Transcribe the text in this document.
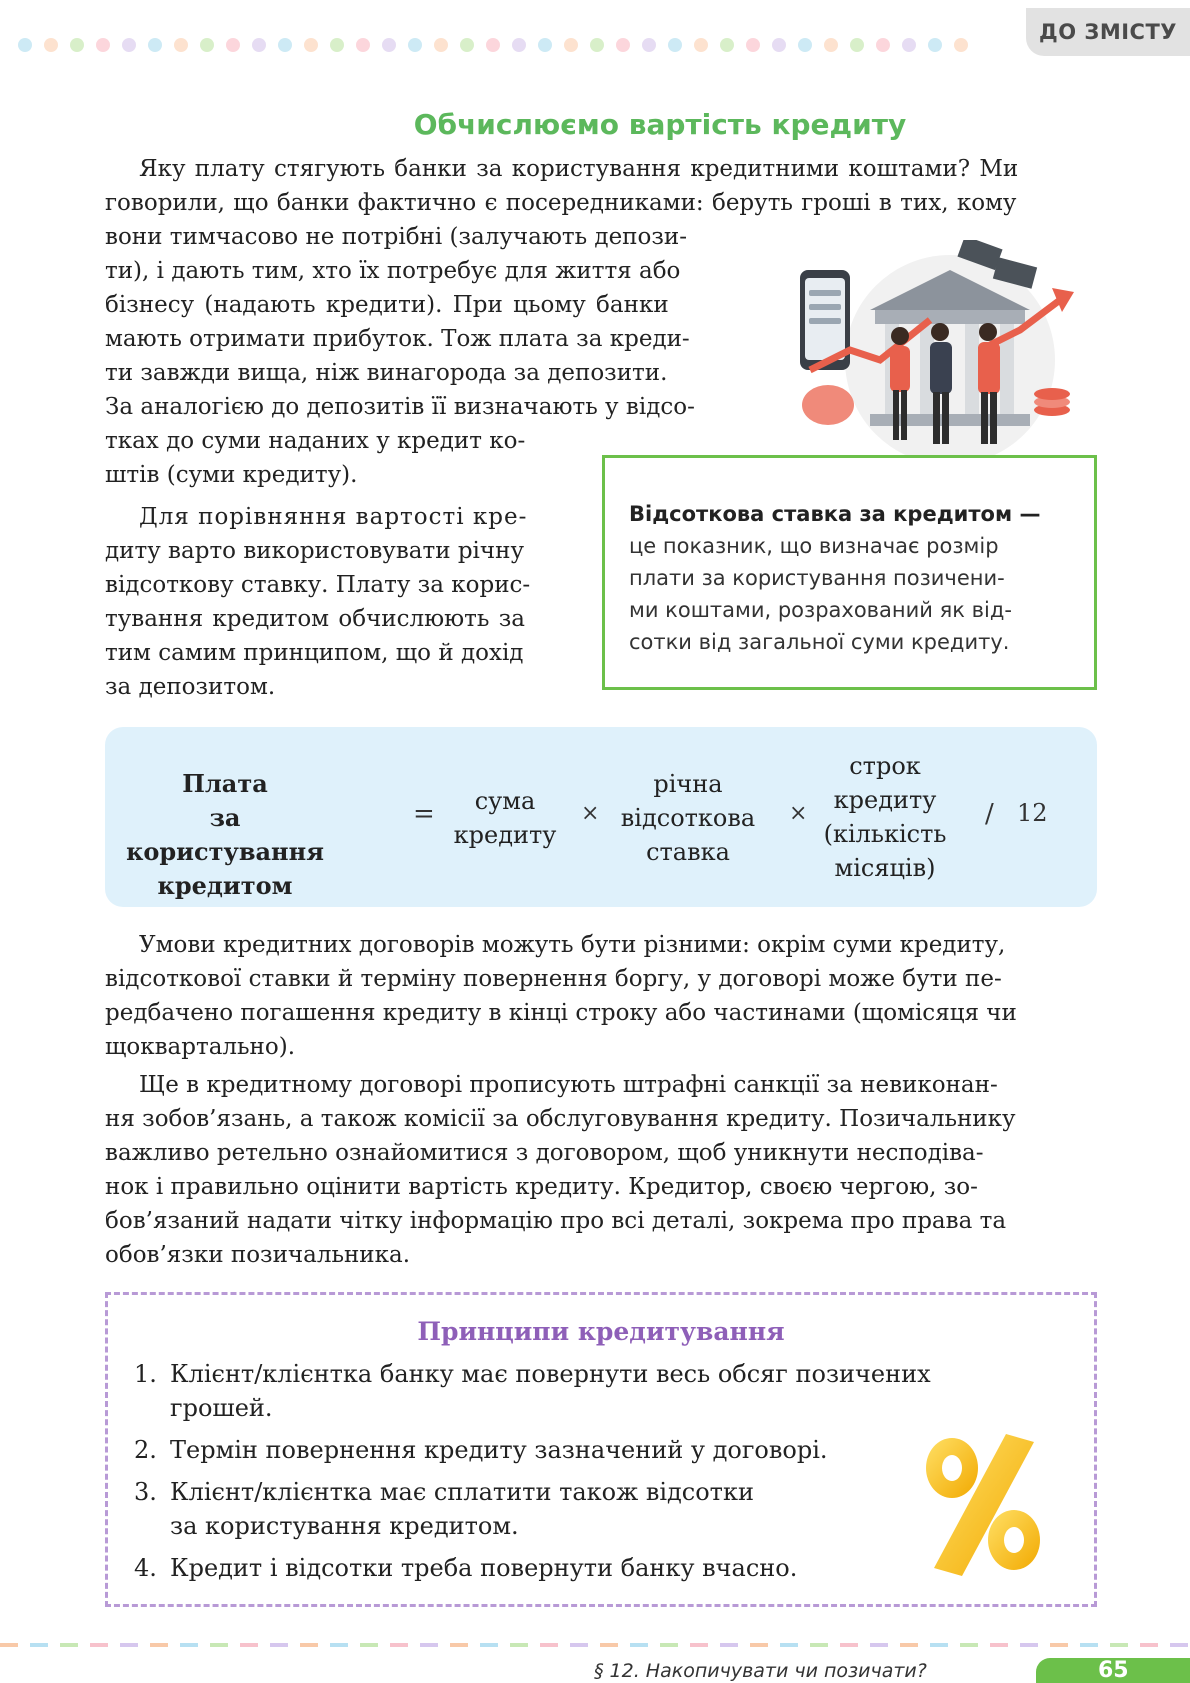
ДО ЗМІСТУ
Обчислюємо вартість кредиту
Яку плату стягують банки за користування кредитними коштами? Ми
говорили, що банки фактично є посередниками: беруть гроші в тих, кому
вони тимчасово не потрібні (залучають депози-
ти), і дають тим, хто їх потребує для життя або
бізнесу (надають кредити). При цьому банки
мають отримати прибуток. Тож плата за креди-
ти завжди вища, ніж винагорода за депозити.
За аналогією до депозитів її визначають у відсо-
тках до суми наданих у кредит ко-
штів (суми кредиту).
Відсоткова ставка за кредитом —
це показник, що визначає розмір
плати за користування позичени-
ми коштами, розрахований як від-
сотки від загальної суми кредиту.
Для порівняння вартості кре-
диту варто використовувати річну
відсоткову ставку. Плату за корис-
тування кредитом обчислюють за
тим самим принципом, що й дохід
за депозитом.
Плата
за користування
кредитом
=	сума
кредиту
×
річна
відсоткова
ставка
×
строк
кредиту
(кількість
місяців)
/ 12
Умови кредитних договорів можуть бути різними: окрім суми кредиту,
відсоткової ставки й терміну повернення боргу, у договорі може бути пе-
редбачено погашення кредиту в кінці строку або частинами (щомісяця чи
щоквартально).
Ще в кредитному договорі прописують штрафні санкції за невиконан-
ня зобов’язань, а також комісії за обслуговування кредиту. Позичальнику
важливо ретельно ознайомитися з договором, щоб уникнути несподіва-
нок і правильно оцінити вартість кредиту. Кредитор, своєю чергою, зо-
бов’язаний надати чітку інформацію про всі деталі, зокрема про права та
обов’язки позичальника.
Принципи кредитування
1. Клієнт/клієнтка банку має повернути весь обсяг позичених
грошей.
2. Термін повернення кредиту зазначений у договорі.
3. Клієнт/клієнтка має сплатити також відсотки
за користування кредитом.
4. Кредит і відсотки треба повернути банку вчасно.
§ 12. Накопичувати чи позичати?	65
